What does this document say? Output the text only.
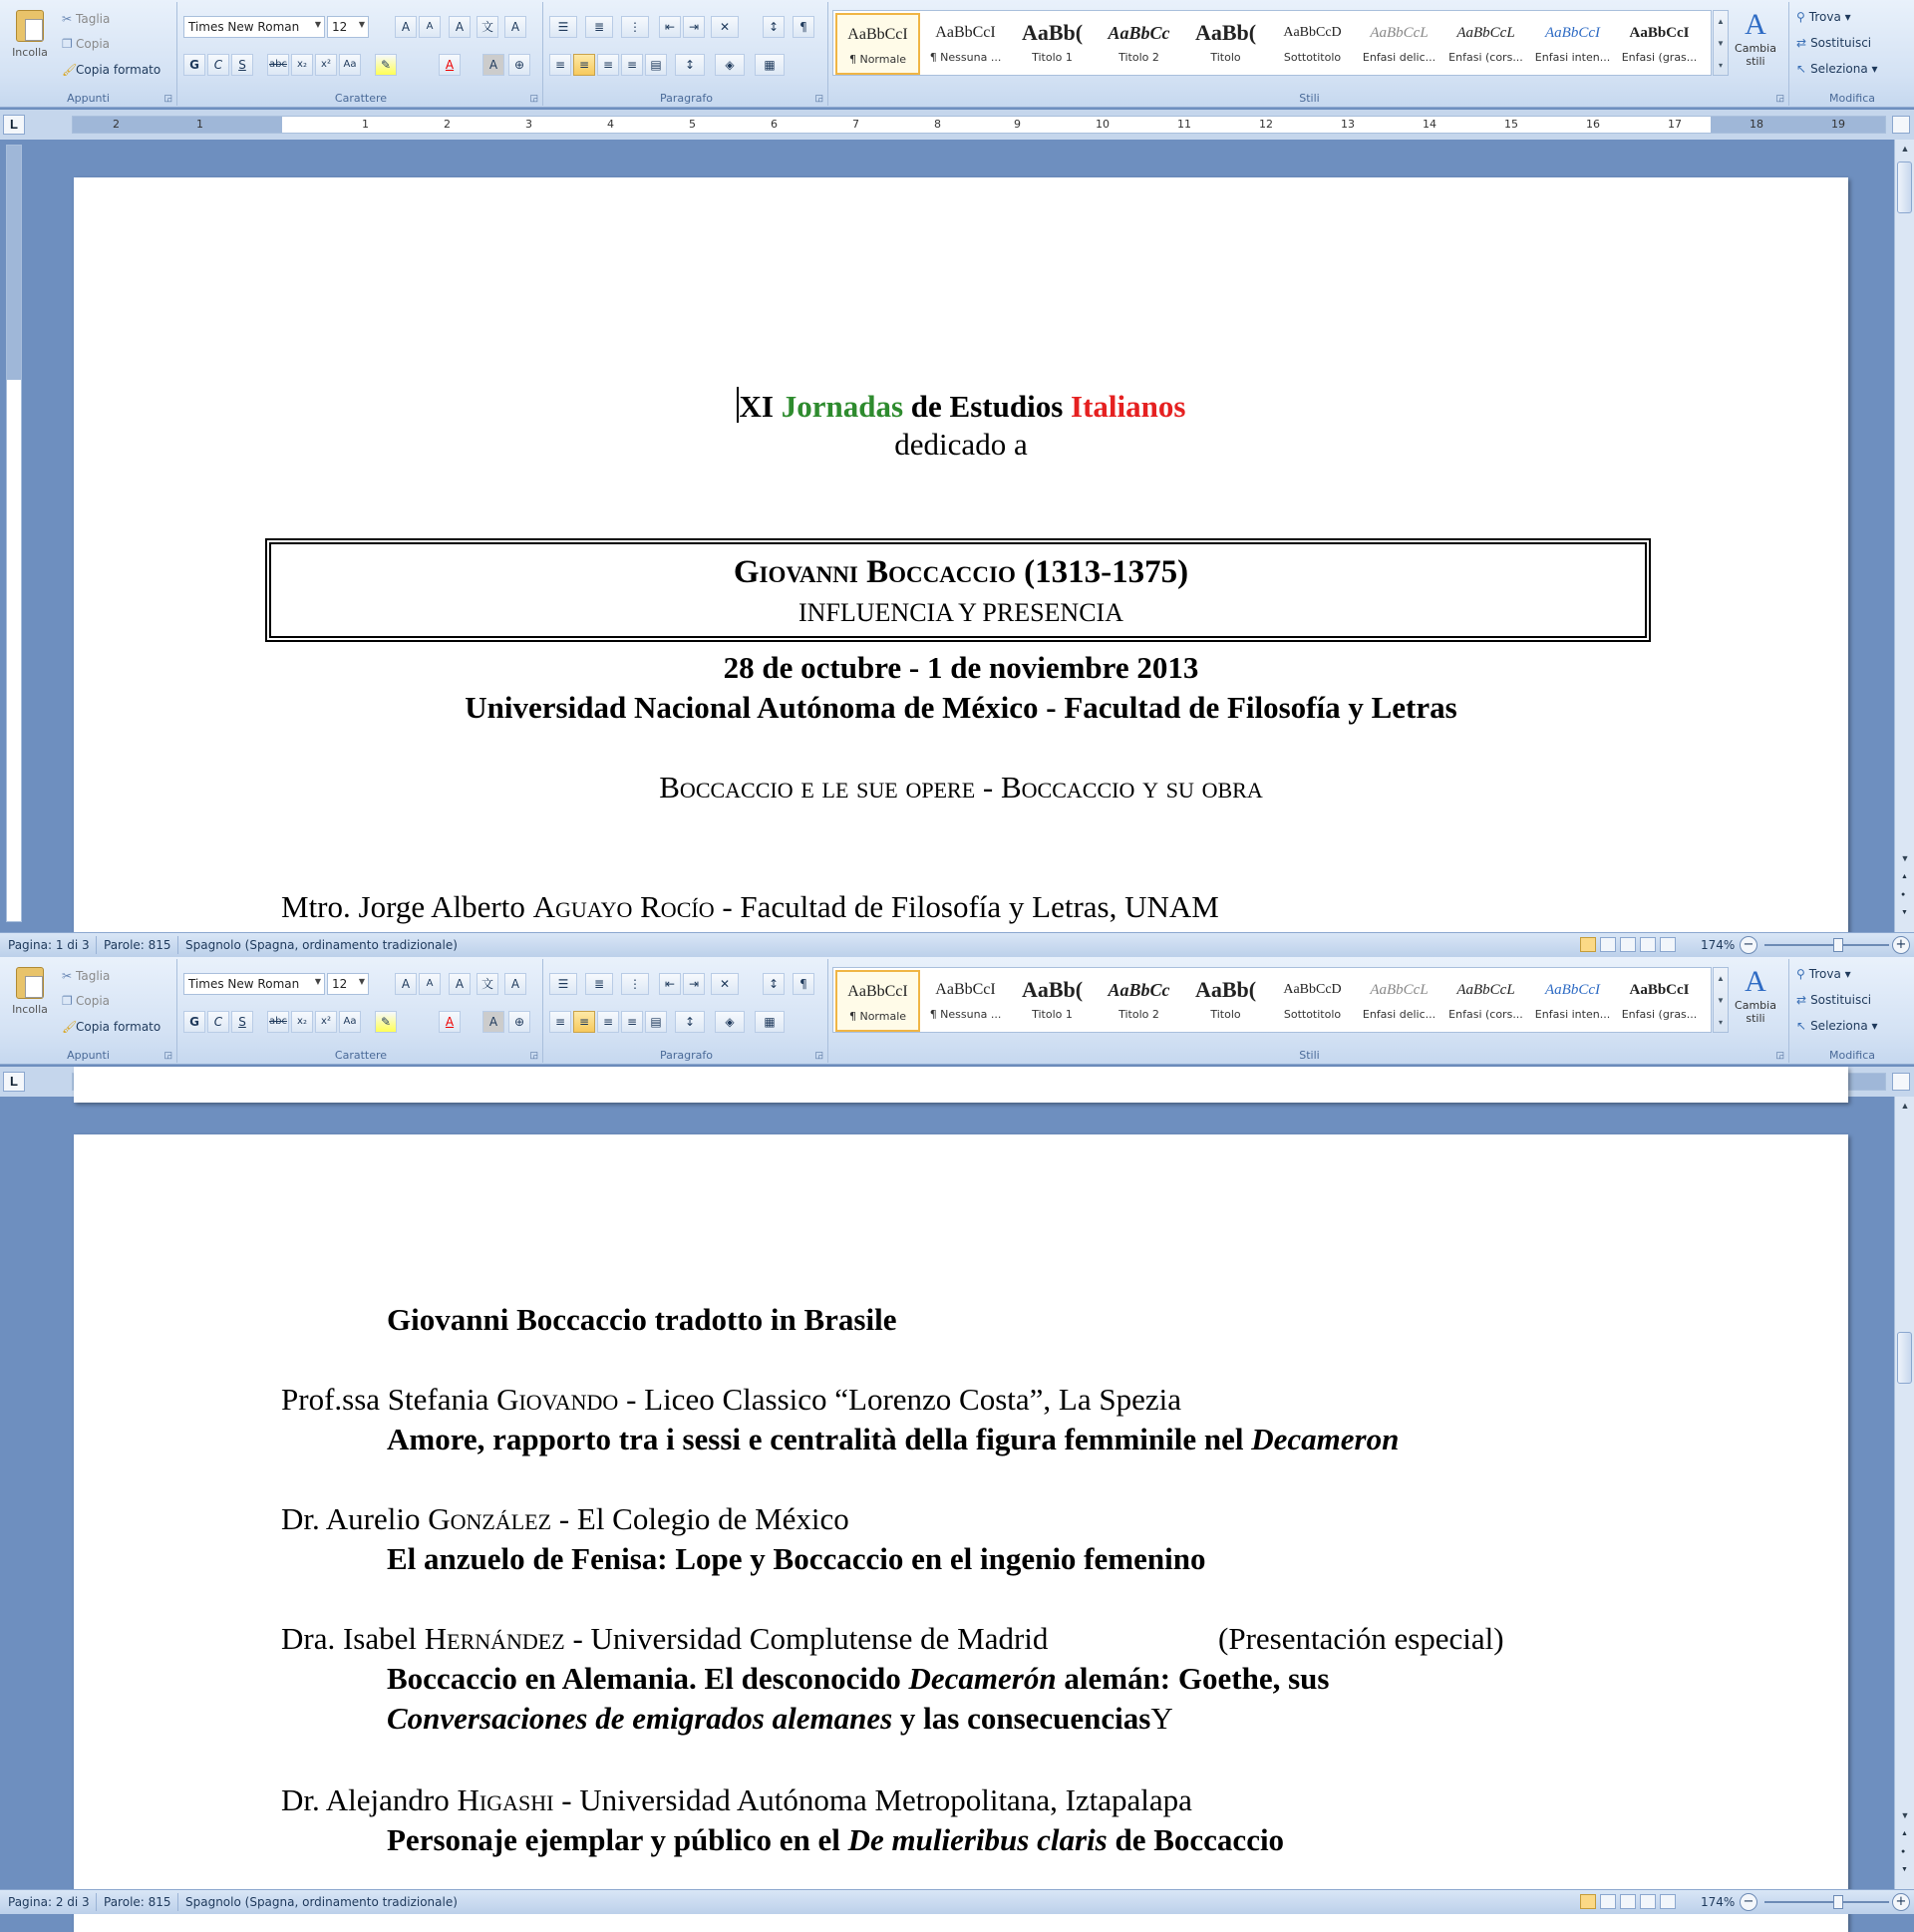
Incolla
✂ Taglia
❐ Copia
🖌Copia formato
Appunti	◲
Times New Roman ▼ 12 ▼	A	A	A	文	A
G	C	S	abc	x₂	x²	Aa	✎	A	A	⊕
Carattere	◲
☰	≣	⋮	⇤	⇥	✕	↕	¶
≡	≡	≡	≡	▤	↕	◈	▦
Paragrafo	◲	Stili	◲
AaBbCcI
¶ Normale
AaBbCcI
¶ Nessuna ...
AaBb(
Titolo 1
AaBbCc
Titolo 2
AaBb(
Titolo
AaBbCcD
Sottotitolo
AaBbCcL
Enfasi delic...
AaBbCcL
Enfasi (cors...
AaBbCcI
Enfasi inten...
AaBbCcI
Enfasi (gras...
▲
▼
▾
A
Cambia stili
Modifica
⚲ Trova ▾
⇄ Sostituisci
↖ Seleziona ▾
L	2	1	1	2	3	4	5	6	7	8	9	10	11	12	13	14	15	16	17	18	19
XI Jornadas de Estudios Italianos
dedicado a
Giovanni Boccaccio (1313-1375)
INFLUENCIA Y PRESENCIA
28 de octubre - 1 de noviembre 2013
Universidad Nacional Autónoma de México - Facultad de Filosofía y Letras
Boccaccio e le sue opere - Boccaccio y su obra
Mtro. Jorge Alberto Aguayo Rocío - Facultad de Filosofía y Letras, UNAM
▲
▼
▲
●
▼
Pagina: 1 di 3 Parole: 815 Spagnolo (Spagna, ordinamento tradizionale)	174% −	+
Incolla
✂ Taglia
❐ Copia
🖌Copia formato
Appunti	◲
Times New Roman ▼ 12 ▼	A	A	A	文	A
G	C	S	abc	x₂	x²	Aa	✎	A	A	⊕
Carattere	◲
☰	≣	⋮	⇤	⇥	✕	↕	¶
≡	≡	≡	≡	▤	↕	◈	▦
Paragrafo	◲	Stili	◲
AaBbCcI
¶ Normale
AaBbCcI
¶ Nessuna ...
AaBb(
Titolo 1
AaBbCc
Titolo 2
AaBb(
Titolo
AaBbCcD
Sottotitolo
AaBbCcL
Enfasi delic...
AaBbCcL
Enfasi (cors...
AaBbCcI
Enfasi inten...
AaBbCcI
Enfasi (gras...
▲
▼
▾
A
Cambia stili
Modifica
⚲ Trova ▾
⇄ Sostituisci
↖ Seleziona ▾
L
Giovanni Boccaccio tradotto in Brasile
Prof.ssa Stefania Giovando - Liceo Classico “Lorenzo Costa”, La Spezia
Amore, rapporto tra i sessi e centralità della figura femminile nel Decameron
Dr. Aurelio González - El Colegio de México
El anzuelo de Fenisa: Lope y Boccaccio en el ingenio femenino
Dra. Isabel Hernández - Universidad Complutense de Madrid	(Presentación especial)
Boccaccio en Alemania. El desconocido Decamerón alemán: Goethe, sus
Conversaciones de emigrados alemanes y las consecuenciasY
Dr. Alejandro Higashi - Universidad Autónoma Metropolitana, Iztapalapa
Personaje ejemplar y público en el De mulieribus claris de Boccaccio
▲
▼
▲
●
▼
Pagina: 2 di 3 Parole: 815 Spagnolo (Spagna, ordinamento tradizionale)	174% −	+
